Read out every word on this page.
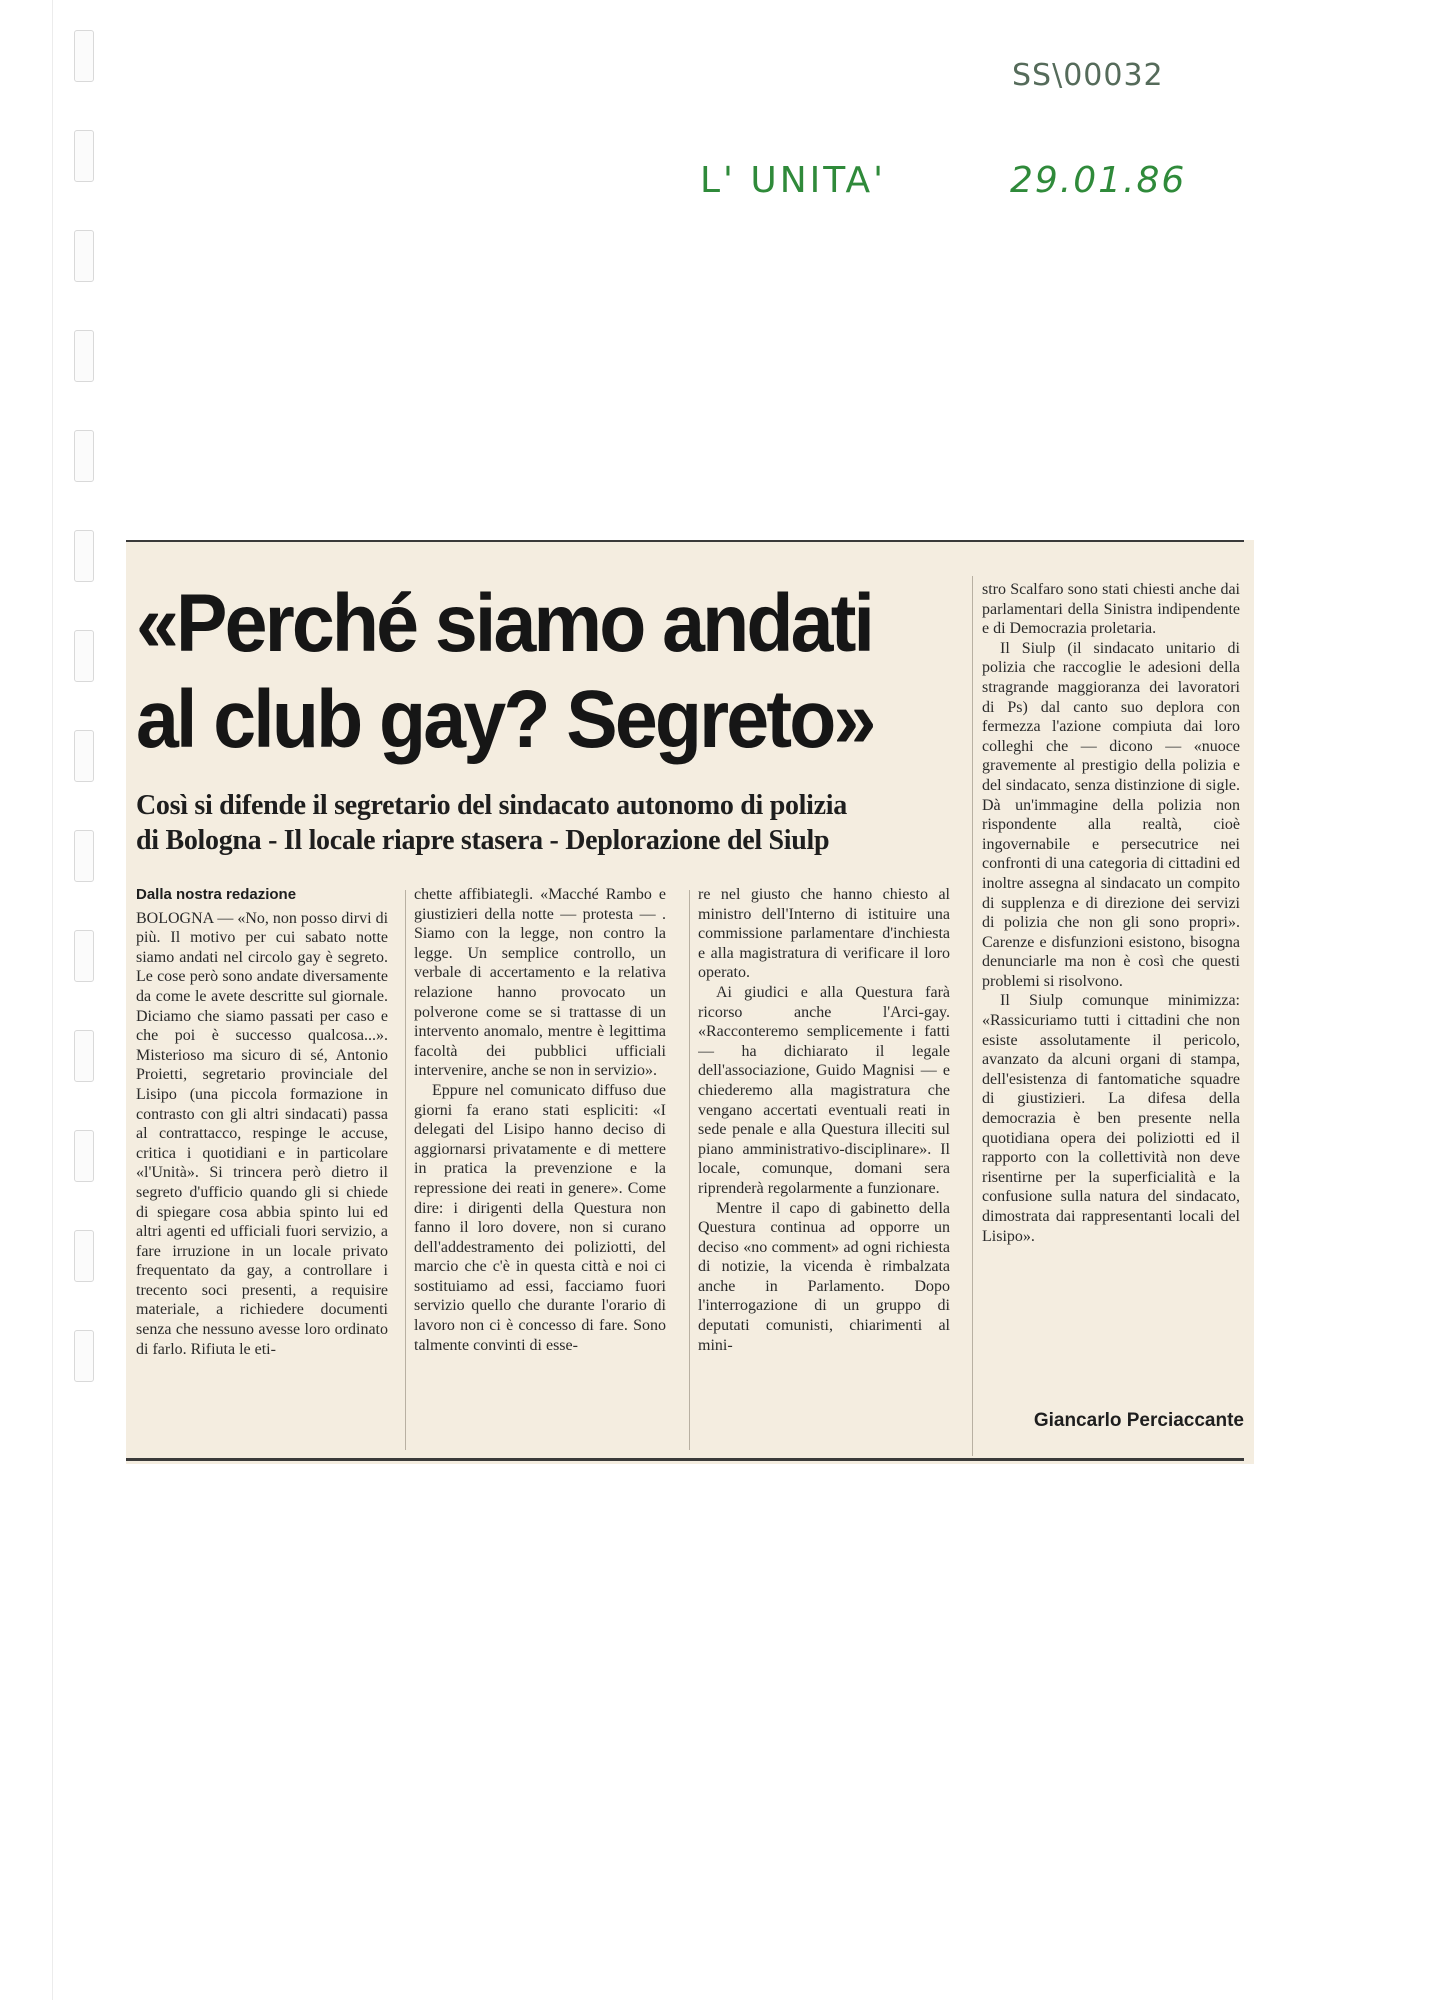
SS\00032
L' UNITA'	29.01.86
«Perché siamo andati
al club gay? Segreto»
Così si difende il segretario del sindacato autonomo di polizia
di Bologna - Il locale riapre stasera - Deplorazione del Siulp
Dalla nostra redazione

BOLOGNA — «No, non posso dirvi di più. Il motivo per cui sabato notte siamo andati nel circolo gay è segreto. Le cose però sono andate diversamente da come le avete descritte sul giornale. Diciamo che siamo passati per caso e che poi è successo qualcosa...». Misterioso ma sicuro di sé, Antonio Proietti, segretario provinciale del Lisipo (una piccola formazione in contrasto con gli altri sindacati) passa al contrattacco, respinge le accuse, critica i quotidiani e in particolare «l'Unità». Si trincera però dietro il segreto d'ufficio quando gli si chiede di spiegare cosa abbia spinto lui ed altri agenti ed ufficiali fuori servizio, a fare irruzione in un locale privato frequentato da gay, a controllare i trecento soci presenti, a requisire materiale, a richiedere documenti senza che nessuno avesse loro ordinato di farlo. Rifiuta le eti-

chette affibiategli. «Macché Rambo e giustizieri della notte — protesta — . Siamo con la legge, non contro la legge. Un semplice controllo, un verbale di accertamento e la relativa relazione hanno provocato un polverone come se si trattasse di un intervento anomalo, mentre è legittima facoltà dei pubblici ufficiali intervenire, anche se non in servizio».

Eppure nel comunicato diffuso due giorni fa erano stati espliciti: «I delegati del Lisipo hanno deciso di aggiornarsi privatamente e di mettere in pratica la prevenzione e la repressione dei reati in genere». Come dire: i dirigenti della Questura non fanno il loro dovere, non si curano dell'addestramento dei poliziotti, del marcio che c'è in questa città e noi ci sostituiamo ad essi, facciamo fuori servizio quello che durante l'orario di lavoro non ci è concesso di fare. Sono talmente convinti di esse-

re nel giusto che hanno chiesto al ministro dell'Interno di istituire una commissione parlamentare d'inchiesta e alla magistratura di verificare il loro operato.

Ai giudici e alla Questura farà ricorso anche l'Arci-gay. «Racconteremo semplicemente i fatti — ha dichiarato il legale dell'associazione, Guido Magnisi — e chiederemo alla magistratura che vengano accertati eventuali reati in sede penale e alla Questura illeciti sul piano amministrativo-disciplinare». Il locale, comunque, domani sera riprenderà regolarmente a funzionare.

Mentre il capo di gabinetto della Questura continua ad opporre un deciso «no comment» ad ogni richiesta di notizie, la vicenda è rimbalzata anche in Parlamento. Dopo l'interrogazione di un gruppo di deputati comunisti, chiarimenti al mini-

stro Scalfaro sono stati chiesti anche dai parlamentari della Sinistra indipendente e di Democrazia proletaria.

Il Siulp (il sindacato unitario di polizia che raccoglie le adesioni della stragrande maggioranza dei lavoratori di Ps) dal canto suo deplora con fermezza l'azione compiuta dai loro colleghi che — dicono — «nuoce gravemente al prestigio della polizia e del sindacato, senza distinzione di sigle. Dà un'immagine della polizia non rispondente alla realtà, cioè ingovernabile e persecutrice nei confronti di una categoria di cittadini ed inoltre assegna al sindacato un compito di supplenza e di direzione dei servizi di polizia che non gli sono propri». Carenze e disfunzioni esistono, bisogna denunciarle ma non è così che questi problemi si risolvono.

Il Siulp comunque minimizza: «Rassicuriamo tutti i cittadini che non esiste assolutamente il pericolo, avanzato da alcuni organi di stampa, dell'esistenza di fantomatiche squadre di giustizieri. La difesa della democrazia è ben presente nella quotidiana opera dei poliziotti ed il rapporto con la collettività non deve risentirne per la superficialità e la confusione sulla natura del sindacato, dimostrata dai rappresentanti locali del Lisipo».

Giancarlo Perciaccante
